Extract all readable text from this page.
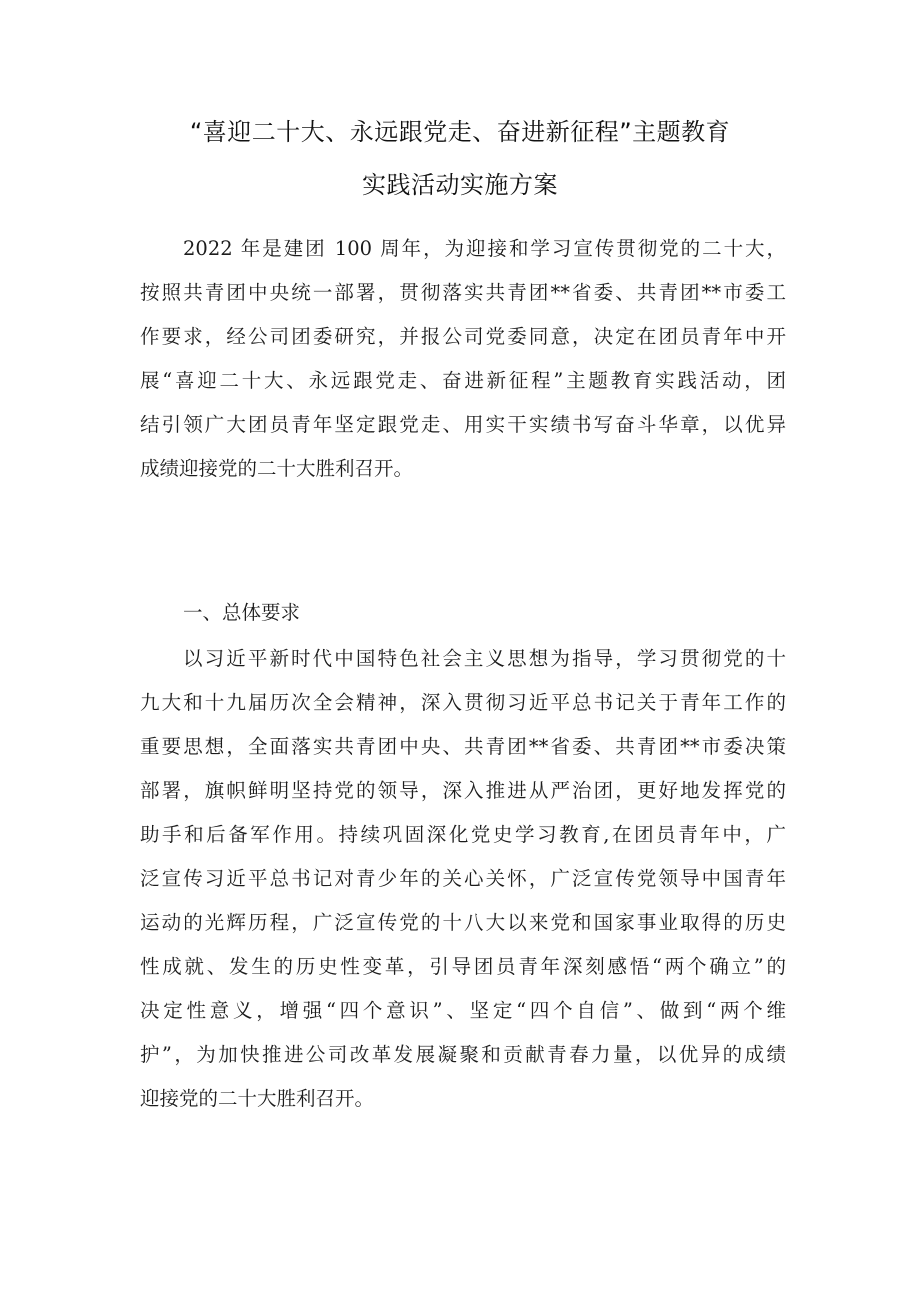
“喜迎二十大、永远跟党走、奋进新征程”主题教育
实践活动实施方案
2022 年是建团 100 周年，为迎接和学习宣传贯彻党的二十大，
按照共青团中央统一部署，贯彻落实共青团**省委、共青团**市委工
作要求，经公司团委研究，并报公司党委同意，决定在团员青年中开
展“喜迎二十大、永远跟党走、奋进新征程”主题教育实践活动，团
结引领广大团员青年坚定跟党走、用实干实绩书写奋斗华章，以优异
成绩迎接党的二十大胜利召开。
一、总体要求
以习近平新时代中国特色社会主义思想为指导，学习贯彻党的十
九大和十九届历次全会精神，深入贯彻习近平总书记关于青年工作的
重要思想，全面落实共青团中央、共青团**省委、共青团**市委决策
部署，旗帜鲜明坚持党的领导，深入推进从严治团，更好地发挥党的
助手和后备军作用。持续巩固深化党史学习教育,在团员青年中，广
泛宣传习近平总书记对青少年的关心关怀，广泛宣传党领导中国青年
运动的光辉历程，广泛宣传党的十八大以来党和国家事业取得的历史
性成就、发生的历史性变革，引导团员青年深刻感悟“两个确立”的
决定性意义，增强“四个意识”、坚定“四个自信”、做到“两个维
护”，为加快推进公司改革发展凝聚和贡献青春力量，以优异的成绩
迎接党的二十大胜利召开。
